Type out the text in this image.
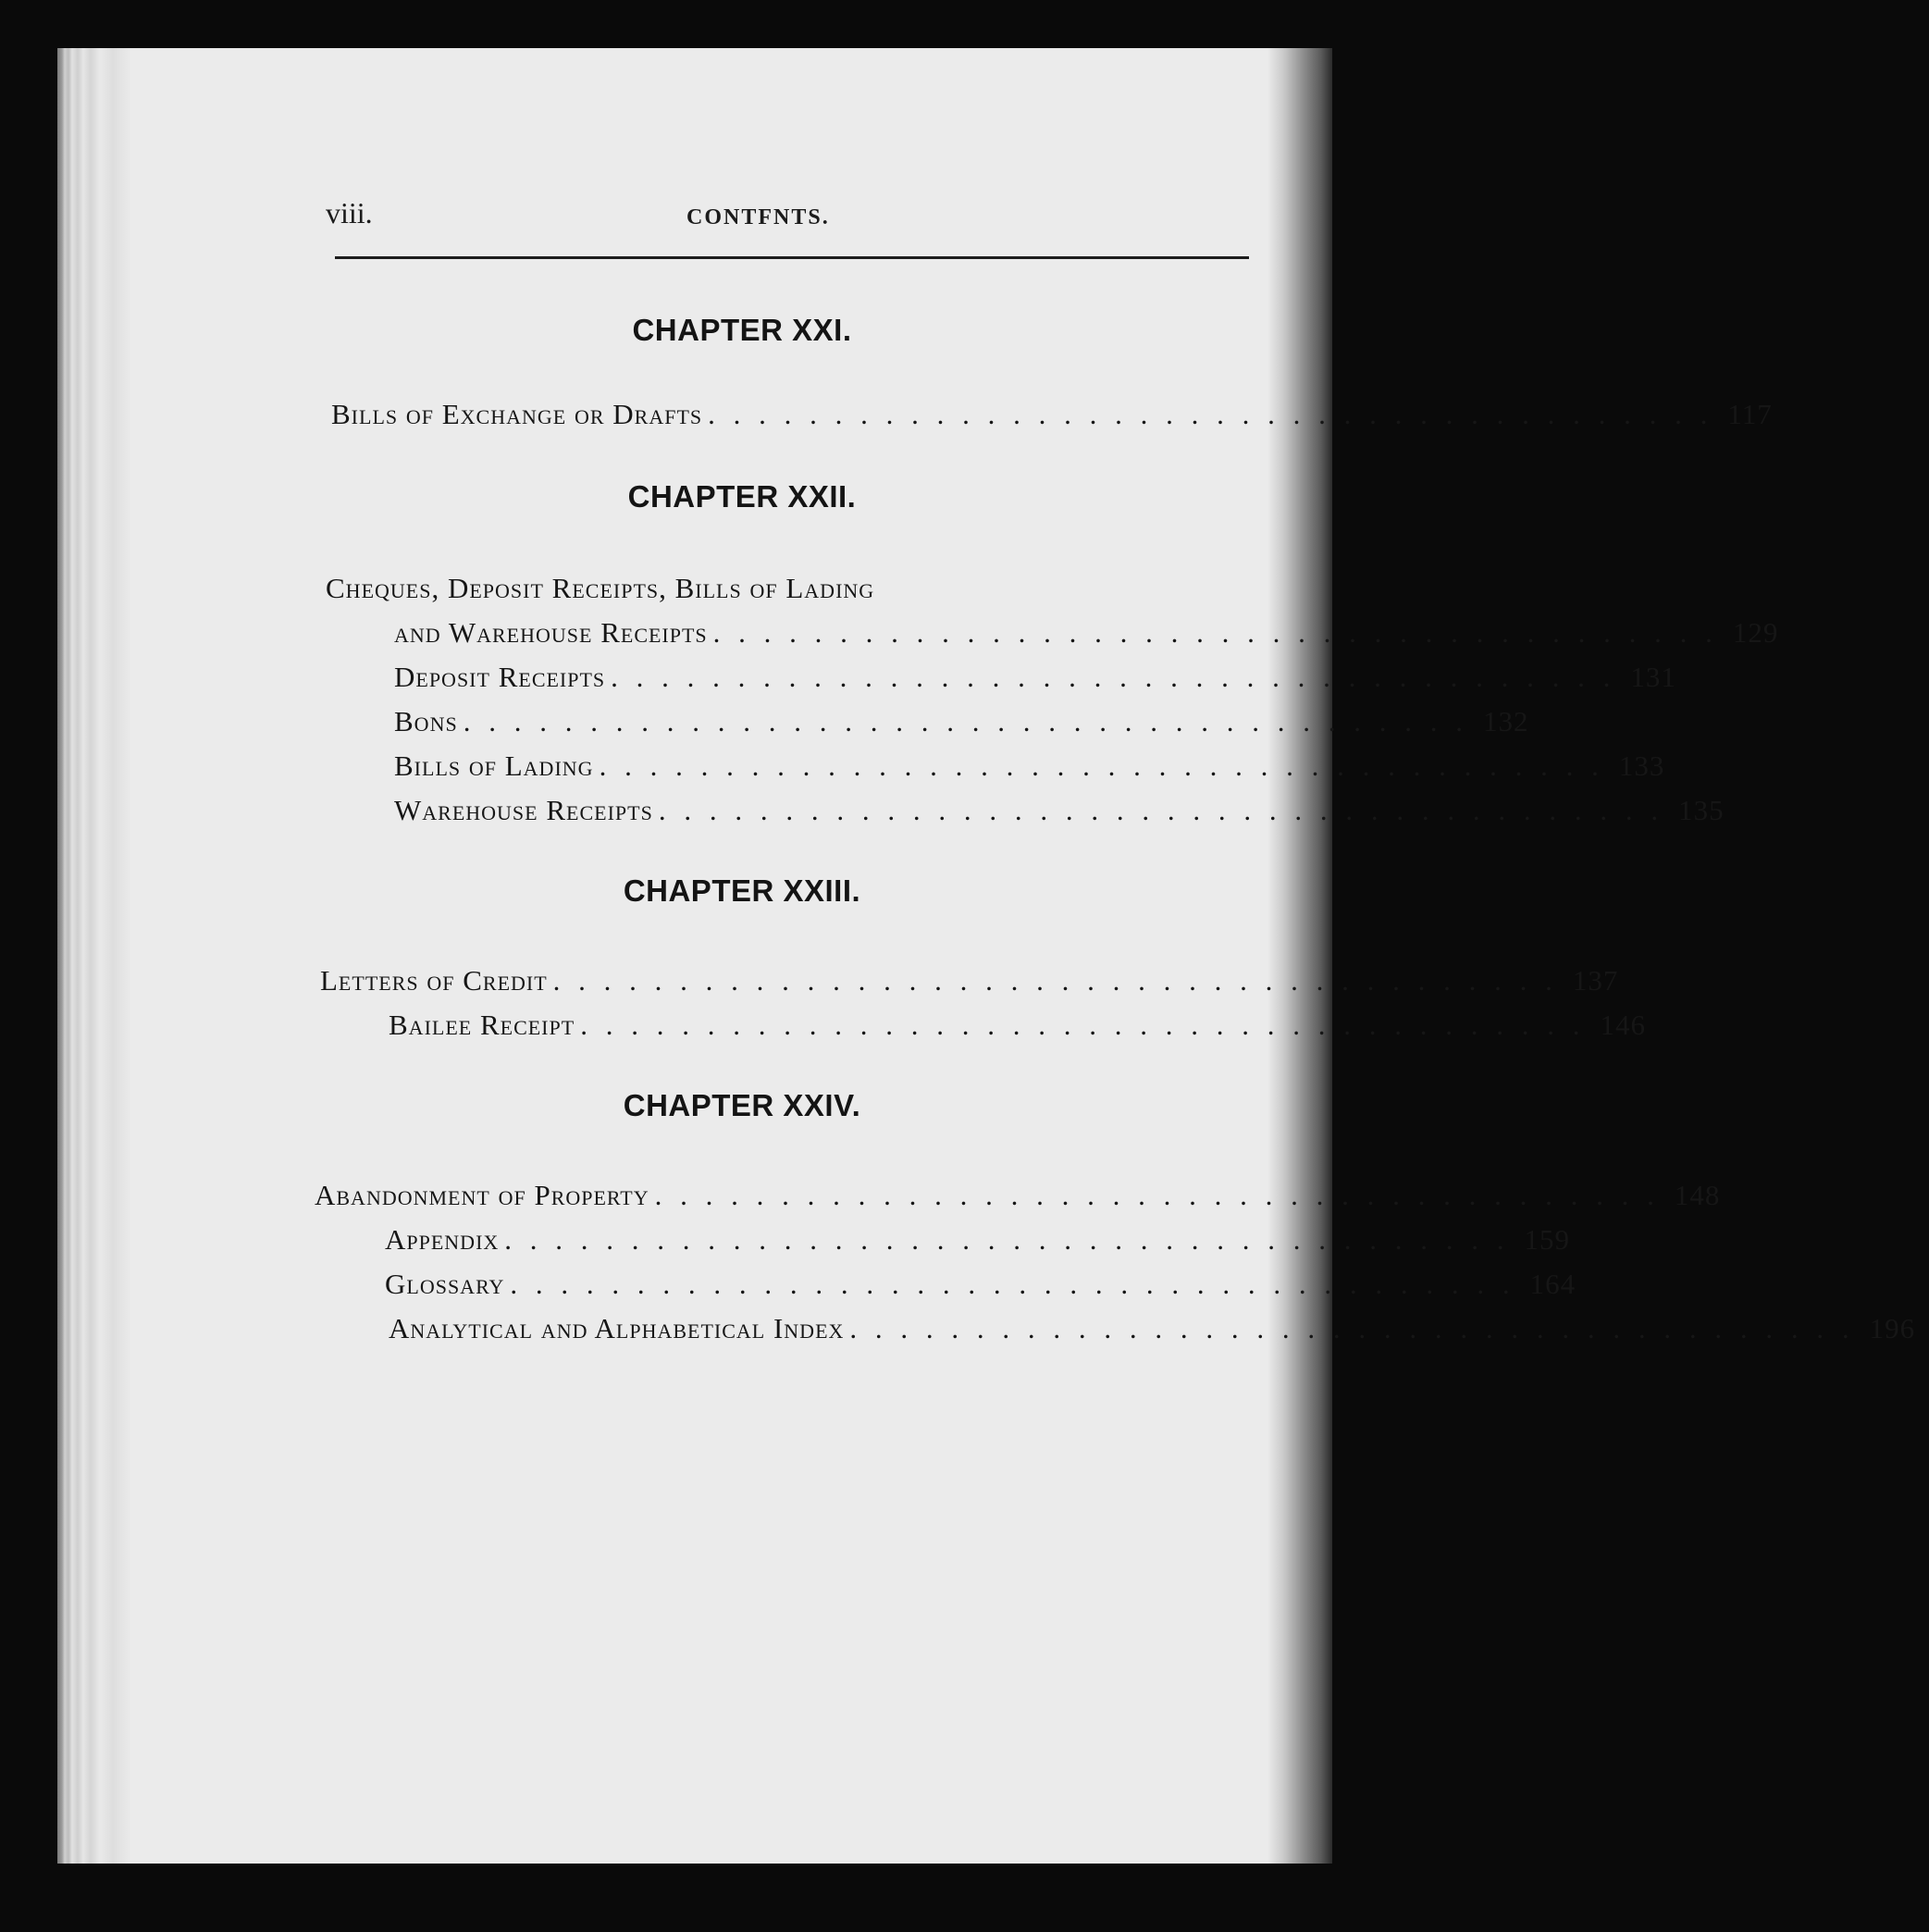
viii.	CONTFNTS.
CHAPTER XXI.
Bills of Exchange or Drafts . . . . . . . . . . . . . . . . . . . . . . . . . . . . . . . . . . . . . . . . 117
CHAPTER XXII.
Cheques, Deposit Receipts, Bills of Lading
and Warehouse Receipts . . . . . . . . . . . . . . . . . . . . . . . . . . . . . . . . . . . . . . . . 129
Deposit Receipts . . . . . . . . . . . . . . . . . . . . . . . . . . . . . . . . . . . . . . . . 131
Bons . . . . . . . . . . . . . . . . . . . . . . . . . . . . . . . . . . . . . . . . 132
Bills of Lading . . . . . . . . . . . . . . . . . . . . . . . . . . . . . . . . . . . . . . . . 133
Warehouse Receipts . . . . . . . . . . . . . . . . . . . . . . . . . . . . . . . . . . . . . . . . 135
CHAPTER XXIII.
Letters of Credit . . . . . . . . . . . . . . . . . . . . . . . . . . . . . . . . . . . . . . . . 137
Bailee Receipt . . . . . . . . . . . . . . . . . . . . . . . . . . . . . . . . . . . . . . . . 146
CHAPTER XXIV.
Abandonment of Property . . . . . . . . . . . . . . . . . . . . . . . . . . . . . . . . . . . . . . . . 148
Appendix . . . . . . . . . . . . . . . . . . . . . . . . . . . . . . . . . . . . . . . . 159
Glossary . . . . . . . . . . . . . . . . . . . . . . . . . . . . . . . . . . . . . . . . 164
Analytical and Alphabetical Index . . . . . . . . . . . . . . . . . . . . . . . . . . . . . . . . . . . . . . . . 196
